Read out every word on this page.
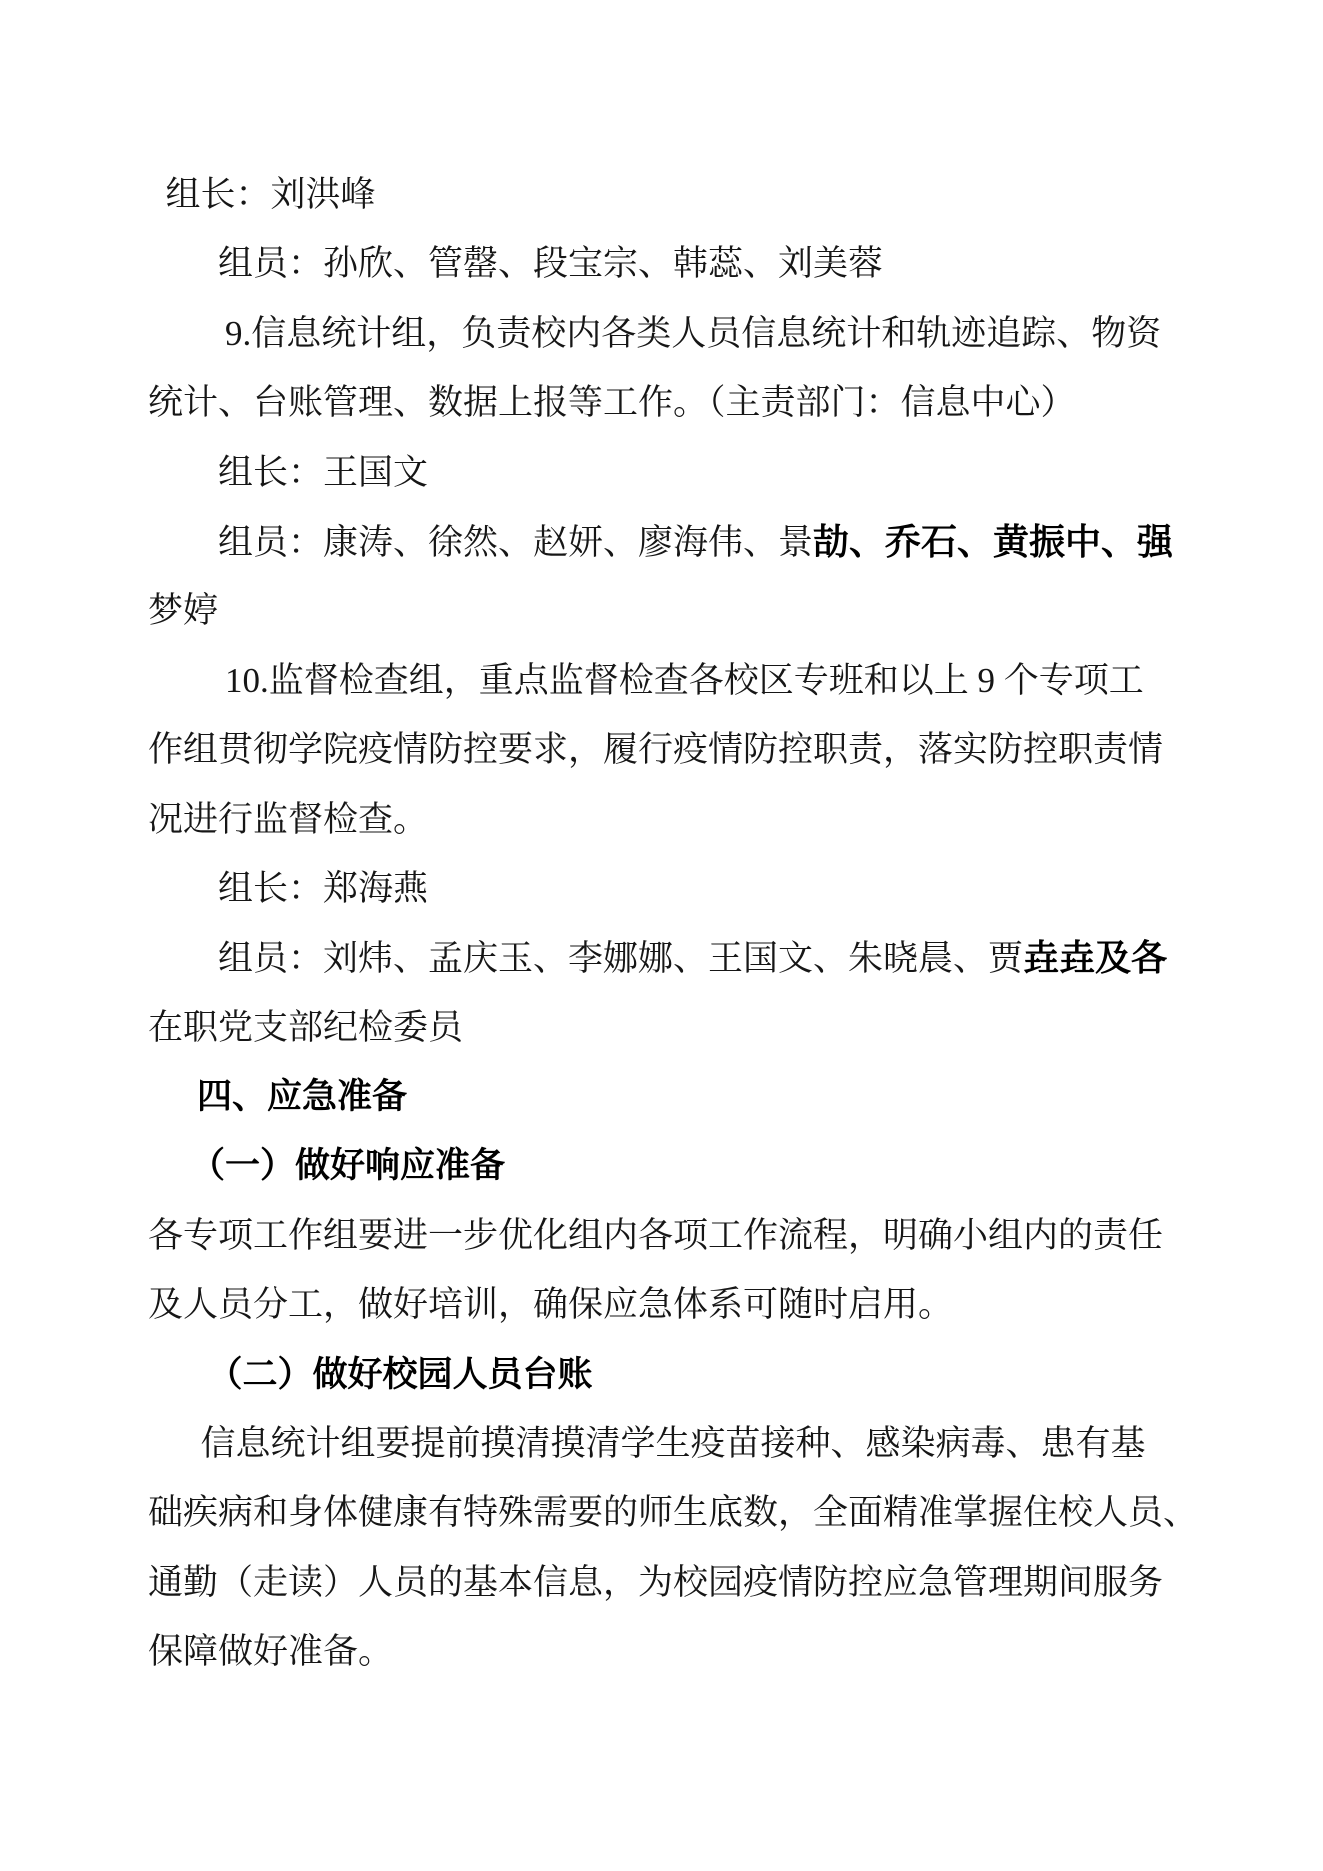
组长：刘洪峰
组员：孙欣、管罄、段宝宗、韩蕊、刘美蓉
9.信息统计组，负责校内各类人员信息统计和轨迹追踪、物资
统计、台账管理、数据上报等工作。（主责部门：信息中心）
组长：王国文
组员：康涛、徐然、赵妍、廖海伟、景劼、乔石、黄振中、强
梦婷
10.监督检查组，重点监督检查各校区专班和以上 9 个专项工
作组贯彻学院疫情防控要求，履行疫情防控职责，落实防控职责情
况进行监督检查。
组长：郑海燕
组员：刘炜、孟庆玉、李娜娜、王国文、朱晓晨、贾垚垚及各
在职党支部纪检委员
四、应急准备
（一）做好响应准备
各专项工作组要进一步优化组内各项工作流程，明确小组内的责任
及人员分工，做好培训，确保应急体系可随时启用。
（二）做好校园人员台账
信息统计组要提前摸清摸清学生疫苗接种、感染病毒、患有基
础疾病和身体健康有特殊需要的师生底数，全面精准掌握住校人员、
通勤（走读）人员的基本信息，为校园疫情防控应急管理期间服务
保障做好准备。
